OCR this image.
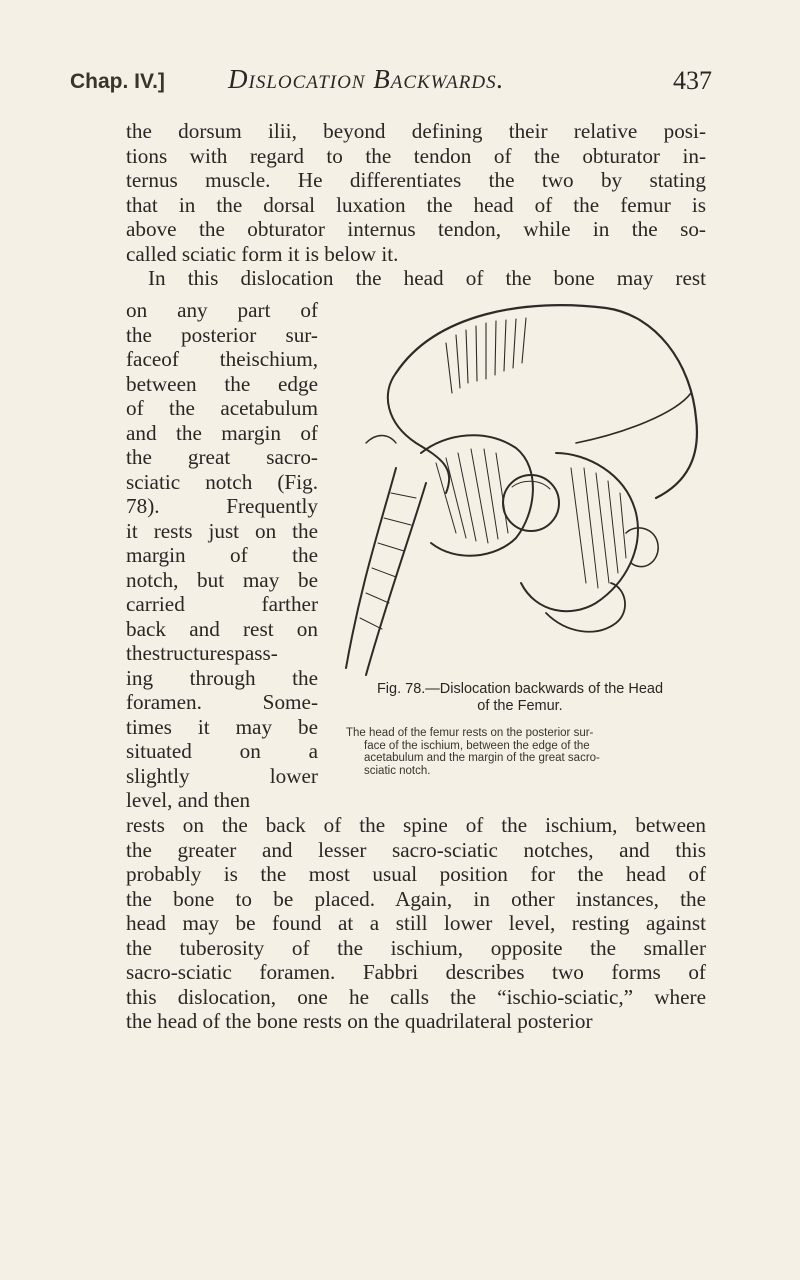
Chap. IV.] Dislocation Backwards.	437

the dorsum ilii, beyond defining their relative posi-
tions with regard to the tendon of the obturator in-
ternus muscle. He differentiates the two by stating
that in the dorsal luxation the head of the femur is
above the obturator internus tendon, while in the so-
called sciatic form it is below it.

In this dislocation the head of the bone may rest

on any part of
the posterior sur-
faceof theischium,
between the edge
of the acetabulum
and the margin of
the great sacro-
sciatic notch (Fig.
78). Frequently
it rests just on the
margin of the
notch, but may be
carried farther
back and rest on
thestructurespass-
ing through the
foramen. Some-
times it may be
situated on a
slightly lower
level, and then

Fig. 78.—Dislocation backwards of the Head
of the Femur.
The head of the femur rests on the posterior sur-
face of the ischium, between the edge of the
acetabulum and the margin of the great sacro-
sciatic notch.

rests on the back of the spine of the ischium, between
the greater and lesser sacro-sciatic notches, and this
probably is the most usual position for the head of
the bone to be placed. Again, in other instances, the
head may be found at a still lower level, resting against
the tuberosity of the ischium, opposite the smaller
sacro-sciatic foramen. Fabbri describes two forms of
this dislocation, one he calls the “ischio-sciatic,” where
the head of the bone rests on the quadrilateral posterior
